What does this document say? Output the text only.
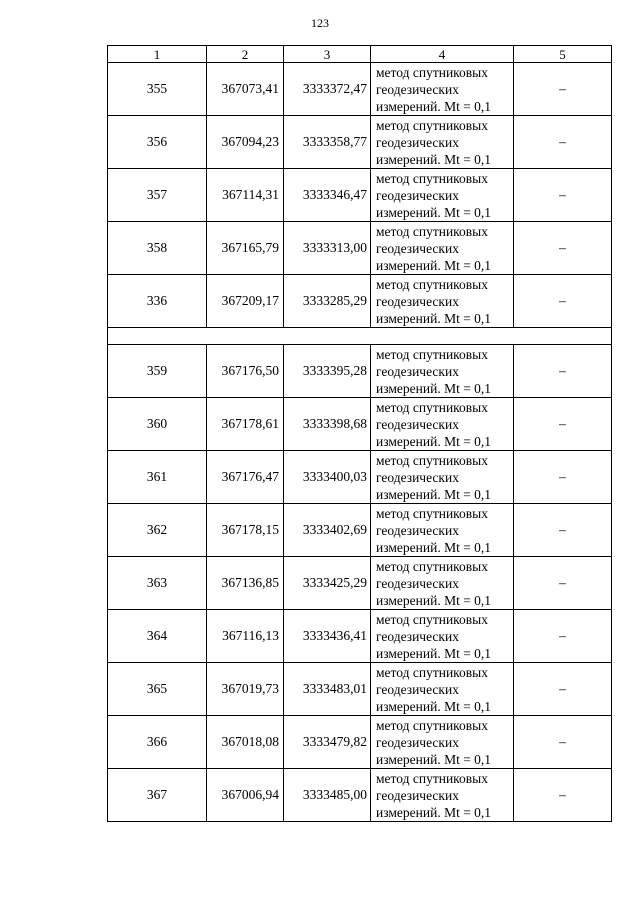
123
1	2	3	4	5
355	367073,41	3333372,47	метод спутниковых
геодезических
измерений. Mt = 0,1	–
356	367094,23	3333358,77	метод спутниковых
геодезических
измерений. Mt = 0,1	–
357	367114,31	3333346,47	метод спутниковых
геодезических
измерений. Mt = 0,1	–
358	367165,79	3333313,00	метод спутниковых
геодезических
измерений. Mt = 0,1	–
336	367209,17	3333285,29	метод спутниковых
геодезических
измерений. Mt = 0,1	–

359	367176,50	3333395,28	метод спутниковых
геодезических
измерений. Mt = 0,1	–
360	367178,61	3333398,68	метод спутниковых
геодезических
измерений. Mt = 0,1	–
361	367176,47	3333400,03	метод спутниковых
геодезических
измерений. Mt = 0,1	–
362	367178,15	3333402,69	метод спутниковых
геодезических
измерений. Mt = 0,1	–
363	367136,85	3333425,29	метод спутниковых
геодезических
измерений. Mt = 0,1	–
364	367116,13	3333436,41	метод спутниковых
геодезических
измерений. Mt = 0,1	–
365	367019,73	3333483,01	метод спутниковых
геодезических
измерений. Mt = 0,1	–
366	367018,08	3333479,82	метод спутниковых
геодезических
измерений. Mt = 0,1	–
367	367006,94	3333485,00	метод спутниковых
геодезических
измерений. Mt = 0,1	–
